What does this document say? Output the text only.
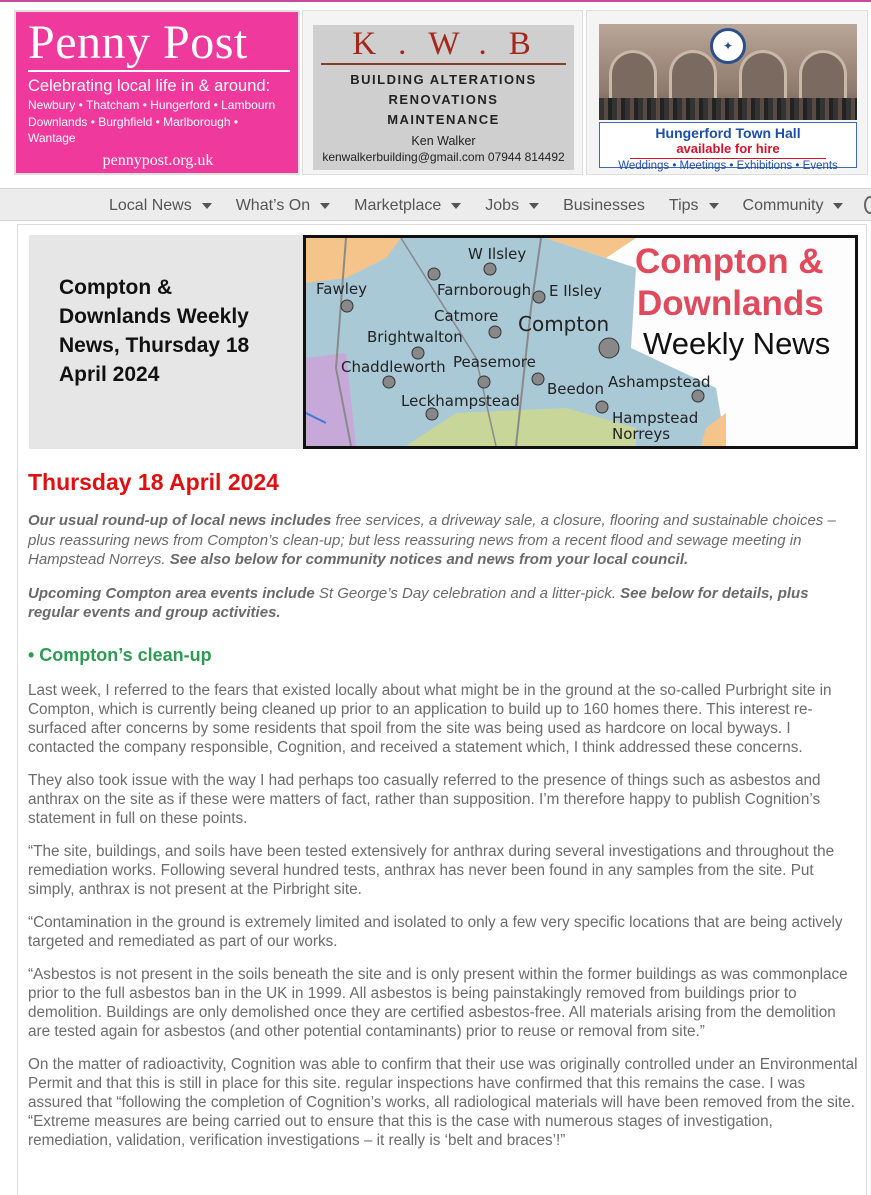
Penny Post
Celebrating local life in & around:
Newbury • Thatcham • Hungerford • Lambourn
Downlands • Burghfield • Marlborough • Wantage
pennypost.org.uk
K.W.B
BUILDING ALTERATIONS
RENOVATIONS
MAINTENANCE
Ken Walker
kenwalkerbuilding@gmail.com 07944 814492
✦
Hungerford Town Hall
available for hire
Weddings • Meetings • Exhibitions • Events
Local News	What’s On	Marketplace	Jobs	Businesses Tips	Community
Compton & Downlands Weekly News, Thursday 18 April 2024
W Ilsley
Fawley	Farnborough E Ilsley
Catmore Compton
Brightwalton
Chaddleworth Peasemore
Leckhampstead
Beedon Ashampstead
Hampstead
Norreys
Compton &
Downlands
Weekly News
Thursday 18 April 2024

Our usual round-up of local news includes free services, a driveway sale, a closure, flooring and sustainable choices – plus reassuring news from Compton’s clean-up; but less reassuring news from a recent flood and sewage meeting in Hampstead Norreys. See also below for community notices and news from your local council.

Upcoming Compton area events include St George’s Day celebration and a litter-pick. See below for details, plus regular events and group activities.

• Compton’s clean-up

Last week, I referred to the fears that existed locally about what might be in the ground at the so-called Purbright site in Compton, which is currently being cleaned up prior to an application to build up to 160 homes there. This interest re-surfaced after concerns by some residents that spoil from the site was being used as hardcore on local byways. I contacted the company responsible, Cognition, and received a statement which, I think addressed these concerns.

They also took issue with the way I had perhaps too casually referred to the presence of things such as asbestos and anthrax on the site as if these were matters of fact, rather than supposition. I’m therefore happy to publish Cognition’s statement in full on these points.

“The site, buildings, and soils have been tested extensively for anthrax during several investigations and throughout the remediation works. Following several hundred tests, anthrax has never been found in any samples from the site. Put simply, anthrax is not present at the Pirbright site.

“Contamination in the ground is extremely limited and isolated to only a few very specific locations that are being actively targeted and remediated as part of our works.

“Asbestos is not present in the soils beneath the site and is only present within the former buildings as was commonplace prior to the full asbestos ban in the UK in 1999. All asbestos is being painstakingly removed from buildings prior to demolition. Buildings are only demolished once they are certified asbestos-free. All materials arising from the demolition are tested again for asbestos (and other potential contaminants) prior to reuse or removal from site.”

On the matter of radioactivity, Cognition was able to confirm that their use was originally controlled under an Environmental Permit and that this is still in place for this site. regular inspections have confirmed that this remains the case. I was assured that “following the completion of Cognition’s works, all radiological materials will have been removed from the site. “Extreme measures are being carried out to ensure that this is the case with numerous stages of investigation, remediation, validation, verification investigations – it really is ‘belt and braces’!”
